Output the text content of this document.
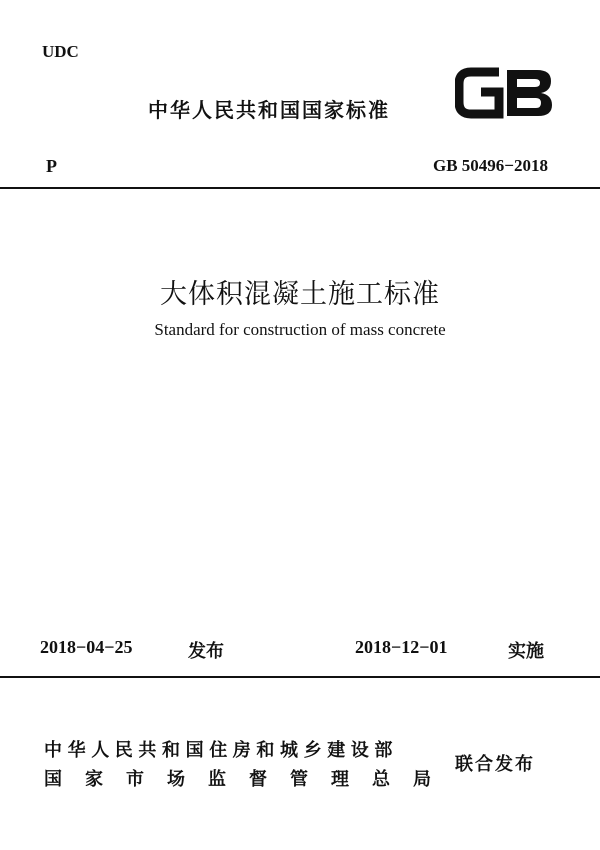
UDC
中华人民共和国国家标准
P	GB 50496−2018
大体积混凝土施工标准
Standard for construction of mass concrete
2018−04−25	发布	2018−12−01	实施
中华人民共和国住房和城乡建设部
国家市场监督管理总局
联合发布
